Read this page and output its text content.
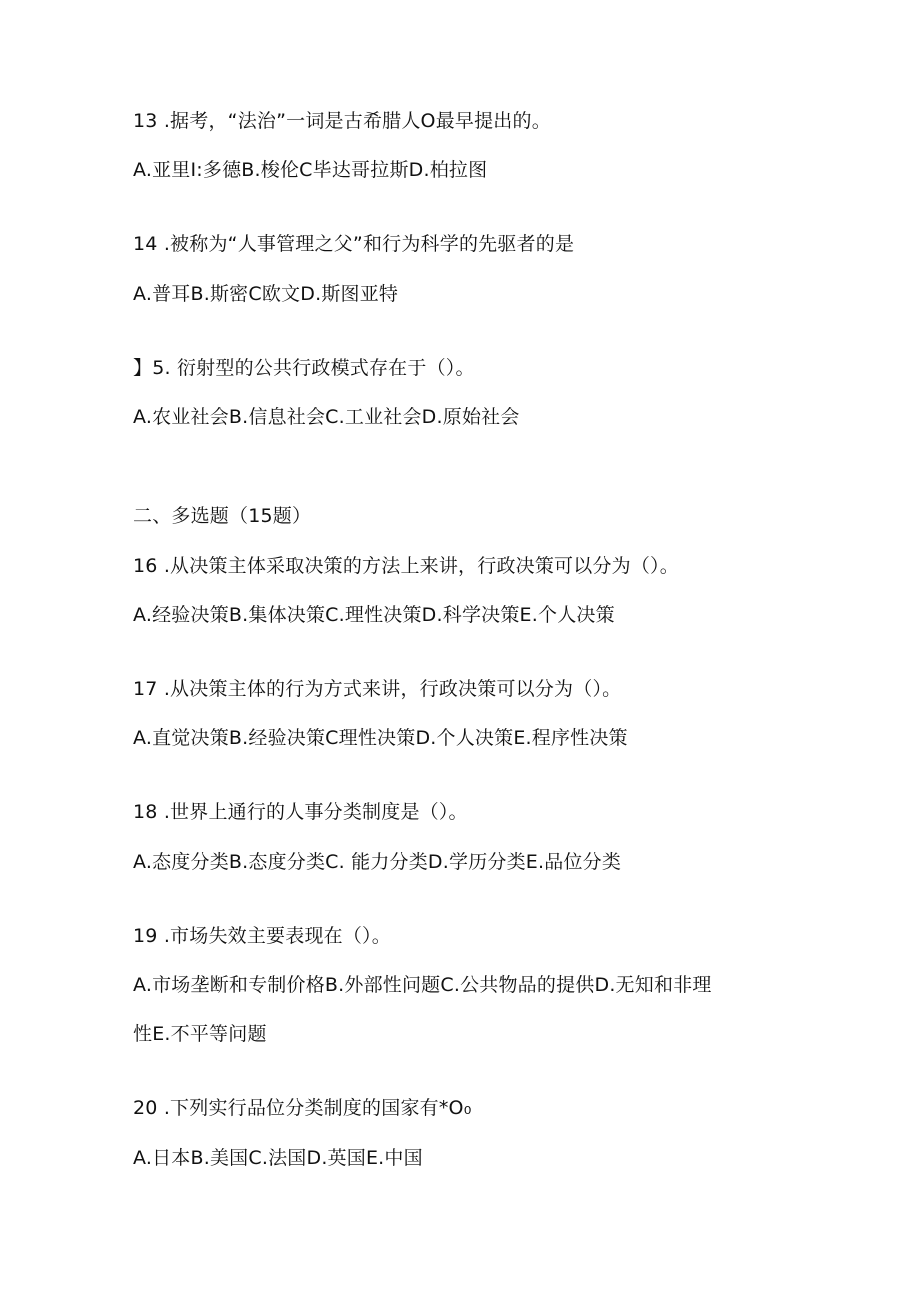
13 .据考，“法治”一词是古希腊人O最早提出的。
A.亚里I:多德B.梭伦C毕达哥拉斯D.柏拉图
14 .被称为“人事管理之父”和行为科学的先驱者的是
A.普耳B.斯密C欧文D.斯图亚特
】5. 衍射型的公共行政模式存在于（）。
A.农业社会B.信息社会C.工业社会D.原始社会
二、多选题（15题）
16 .从决策主体采取决策的方法上来讲，行政决策可以分为（）。
A.经验决策B.集体决策C.理性决策D.科学决策E.个人决策
17 .从决策主体的行为方式来讲，行政决策可以分为（）。
A.直觉决策B.经验决策C理性决策D.个人决策E.程序性决策
18 .世界上通行的人事分类制度是（）。
A.态度分类B.态度分类C. 能力分类D.学历分类E.品位分类
19 .市场失效主要表现在（）。
A.市场垄断和专制价格B.外部性问题C.公共物品的提供D.无知和非理
性E.不平等问题
20 .下列实行品位分类制度的国家有*O₀
A.日本B.美国C.法国D.英国E.中国
